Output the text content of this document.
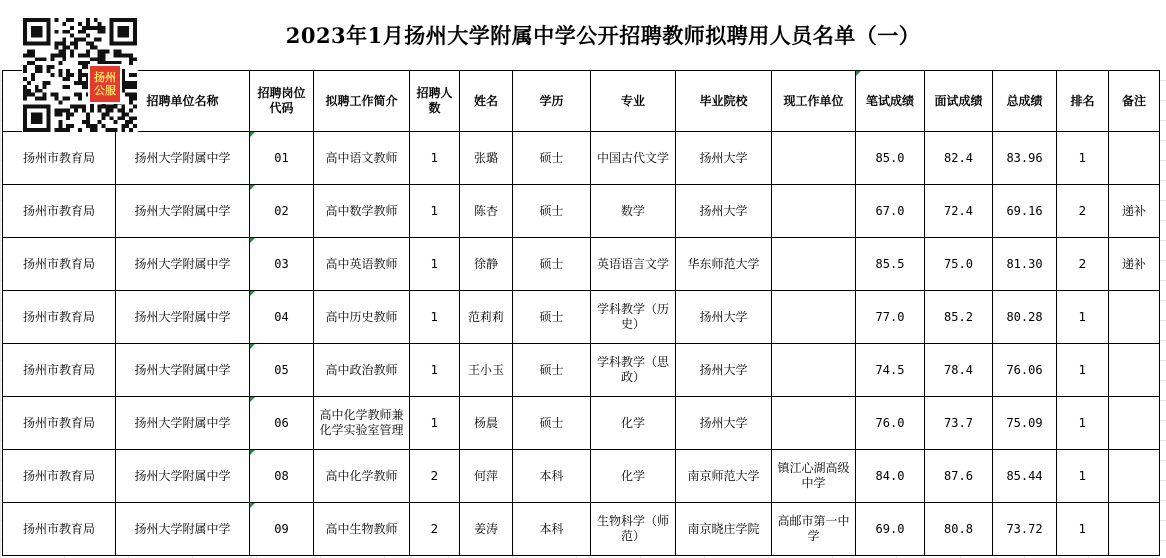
2023年1月扬州大学附属中学公开招聘教师拟聘用人员名单（一）
	招聘单位名称	招聘岗位代码	拟聘工作简介	招聘人数	姓名	学历	专业	毕业院校	现工作单位	笔试成绩	面试成绩	总成绩	排名	备注
扬州市教育局	扬州大学附属中学	01	高中语文教师	1	张璐	硕士	中国古代文学	扬州大学		85.0	82.4	83.96	1	
扬州市教育局	扬州大学附属中学	02	高中数学教师	1	陈杏	硕士	数学	扬州大学		67.0	72.4	69.16	2	递补
扬州市教育局	扬州大学附属中学	03	高中英语教师	1	徐静	硕士	英语语言文学	华东师范大学		85.5	75.0	81.30	2	递补
扬州市教育局	扬州大学附属中学	04	高中历史教师	1	范莉莉	硕士	学科教学（历史）	扬州大学		77.0	85.2	80.28	1	
扬州市教育局	扬州大学附属中学	05	高中政治教师	1	王小玉	硕士	学科教学（思政）	扬州大学		74.5	78.4	76.06	1	
扬州市教育局	扬州大学附属中学	06	高中化学教师兼化学实验室管理	1	杨晨	硕士	化学	扬州大学		76.0	73.7	75.09	1	
扬州市教育局	扬州大学附属中学	08	高中化学教师	2	何萍	本科	化学	南京师范大学	镇江心湖高级中学	84.0	87.6	85.44	1	
扬州市教育局	扬州大学附属中学	09	高中生物教师	2	姜涛	本科	生物科学（师范）	南京晓庄学院	高邮市第一中学	69.0	80.8	73.72	1	
扬州
公服
